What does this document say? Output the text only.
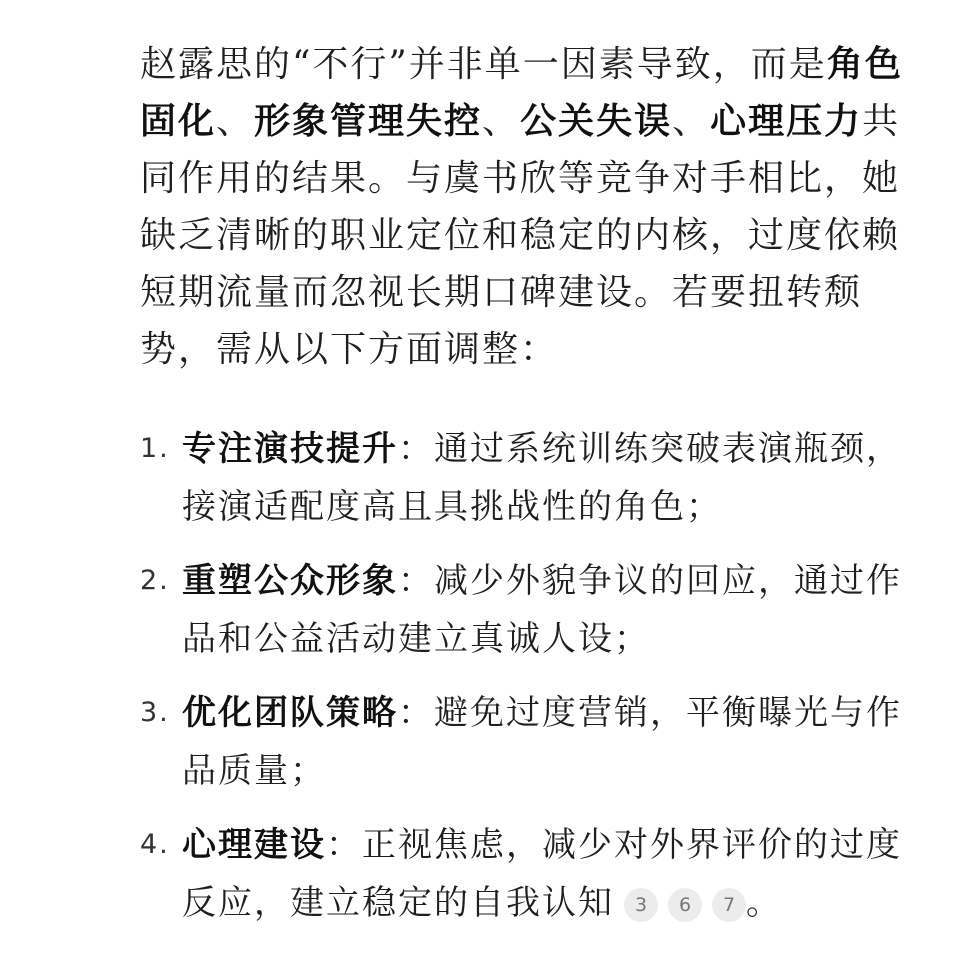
赵露思的“不行”并非单一因素导致，而是角色固化、形象管理失控、公关失误、心理压力共同作用的结果。与虞书欣等竞争对手相比，她缺乏清晰的职业定位和稳定的内核，过度依赖短期流量而忽视长期口碑建设。若要扭转颓势，需从以下方面调整：

1. 专注演技提升：通过系统训练突破表演瓶颈，接演适配度高且具挑战性的角色；
2. 重塑公众形象：减少外貌争议的回应，通过作品和公益活动建立真诚人设；
3. 优化团队策略：避免过度营销，平衡曝光与作品质量；
4. 心理建设：正视焦虑，减少对外界评价的过度反应，建立稳定的自我认知 3 6 7 。
